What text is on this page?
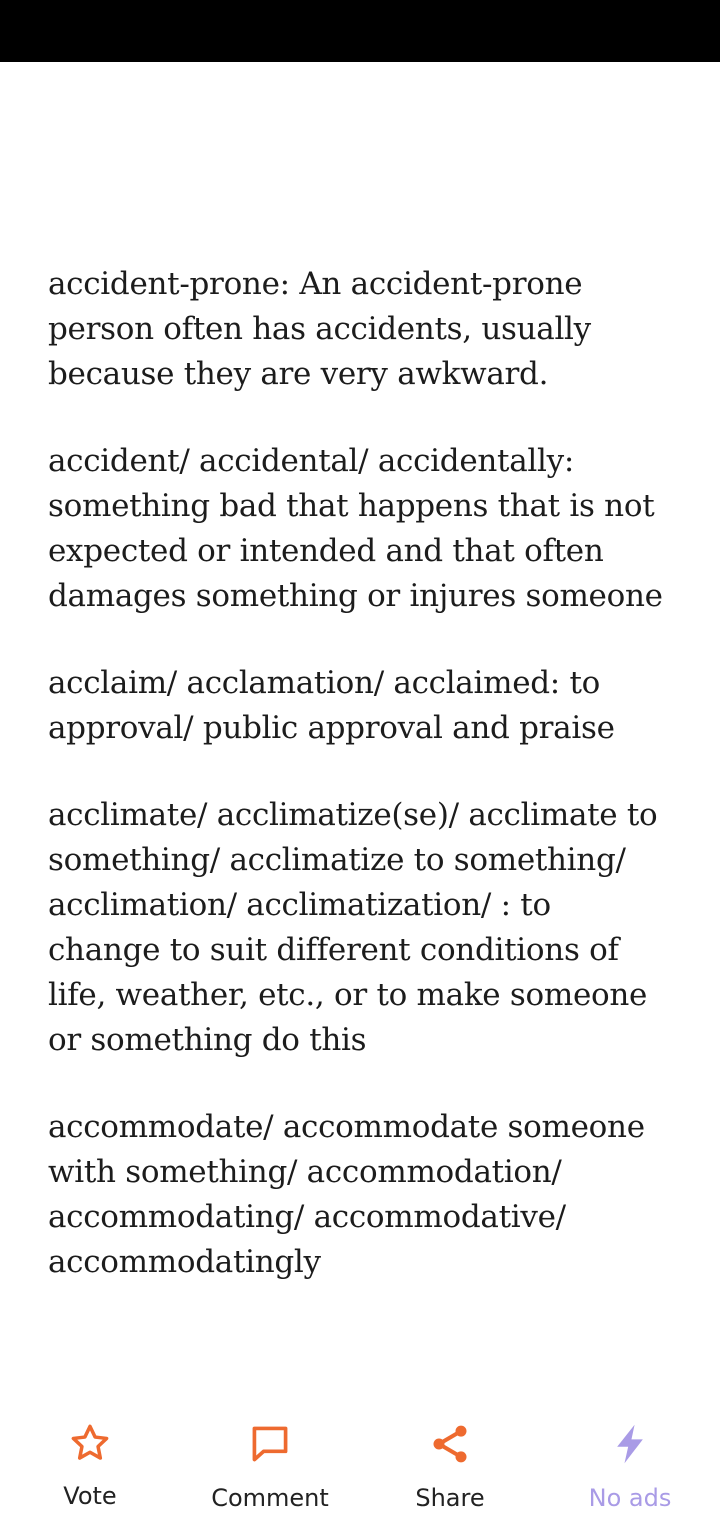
accident-prone: An accident-prone person often has accidents, usually because they are very awkward.

accident/ accidental/ accidentally: something bad that happens that is not expected or intended and that often damages something or injures someone

acclaim/ acclamation/ acclaimed: to approval/ public approval and praise

acclimate/ acclimatize(se)/ acclimate to something/ acclimatize to something/ acclimation/ acclimatization/ : to change to suit different conditions of life, weather, etc., or to make someone or something do this

accommodate/ accommodate someone with something/ accommodation/ accommodating/ accommodative/ accommodatingly

Vote	Comment	Share	No ads
